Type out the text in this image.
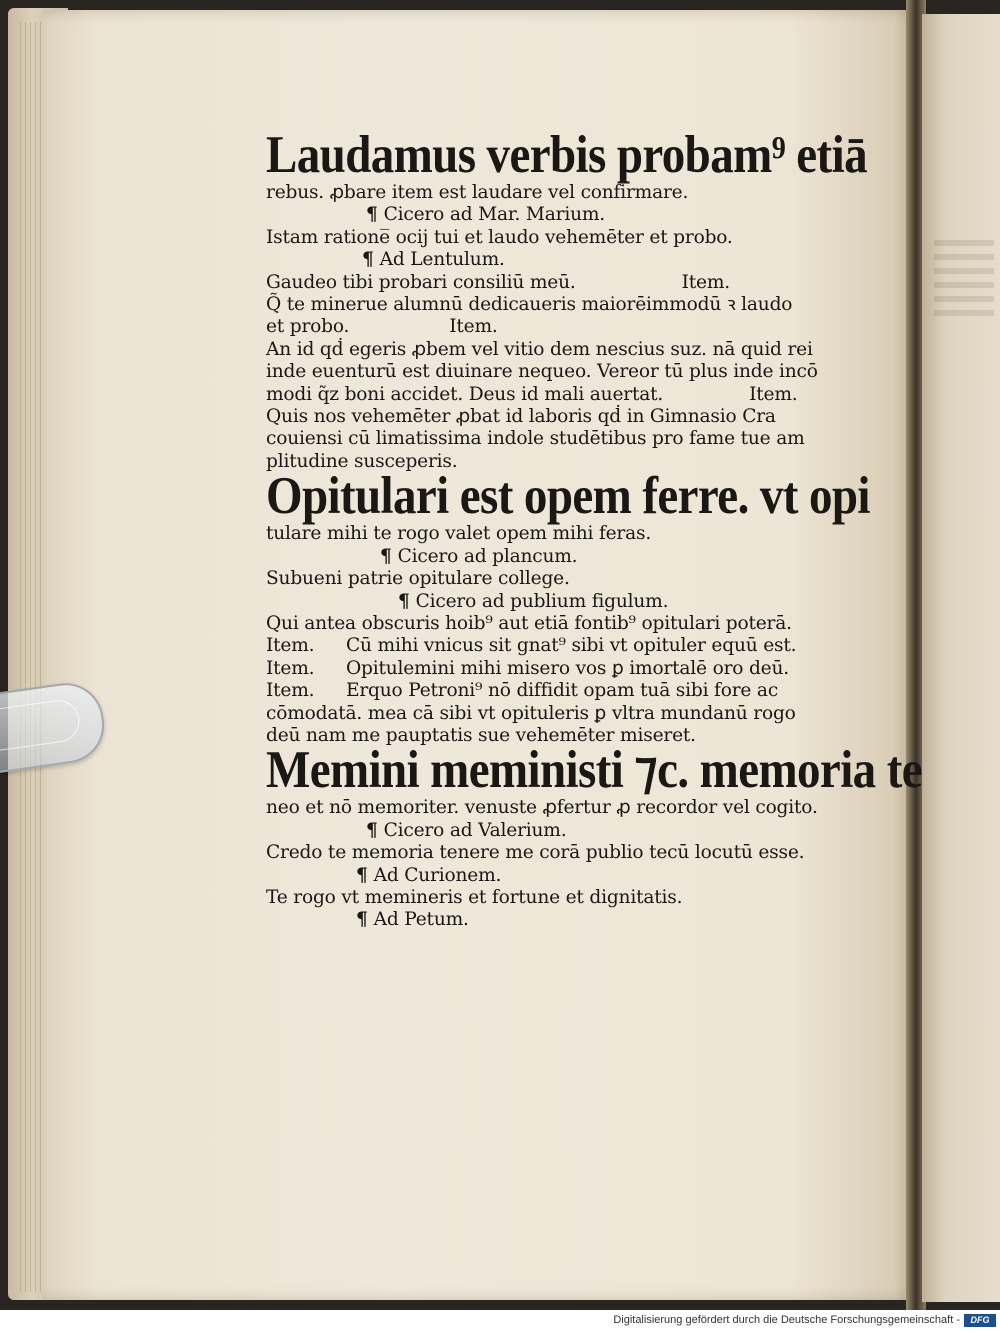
Laudamus verbis probam⁹ etiā
rebus. ꝓbare item est laudare vel confirmare.
¶ Cicero ad Mar. Marium.
Istam ratione̅ ocij tui et laudo vehemēter et probo.
¶ Ad Lentulum.
Gaudeo tibi probari consiliū meū.	Item.
Q̃ te minerue alumnū dedicaueris maiorēimmodū ꝛ laudo
et probo.	Item.
An id qḋ egeris ꝓbem vel vitio dem nescius suz. nā quid rei
inde euenturū est diuinare nequeo. Vereor tū plus inde incō
modi q̃z boni accidet. Deus id mali auertat.	Item.
Quis nos vehemēter ꝓbat id laboris qḋ in Gimnasio Cra
couiensi cū limatissima indole studētibus pro fame tue am
plitudine susceperis.
Opitulari est opem ferre. vt opi
tulare mihi te rogo valet opem mihi feras.
¶ Cicero ad plancum.
Subueni patrie opitulare college.
¶ Cicero ad publium figulum.
Qui antea obscuris hoib⁹ aut etiā fontib⁹ opitulari poterā.
Item. Cū mihi vnicus sit gnat⁹ sibi vt opituler equū est.
Item. Opitulemini mihi misero vos ꝑ imortalē oro deū.
Item. Erquo Petroni⁹ nō diffidit opam tuā sibi fore ac
cōmodatā. mea cā sibi vt opituleris ꝑ vltra mundanū rogo
deū nam me pauptatis sue vehemēter miseret.
Memini meministi ⁊c. memoria te
neo et nō memoriter. venuste ꝓfertur ꝓ recordor vel cogito.
¶ Cicero ad Valerium.
Credo te memoria tenere me corā publio tecū locutū esse.
¶ Ad Curionem.
Te rogo vt memineris et fortune et dignitatis.
¶ Ad Petum.
Digitalisierung gefördert durch die Deutsche Forschungsgemeinschaft -	DFG
